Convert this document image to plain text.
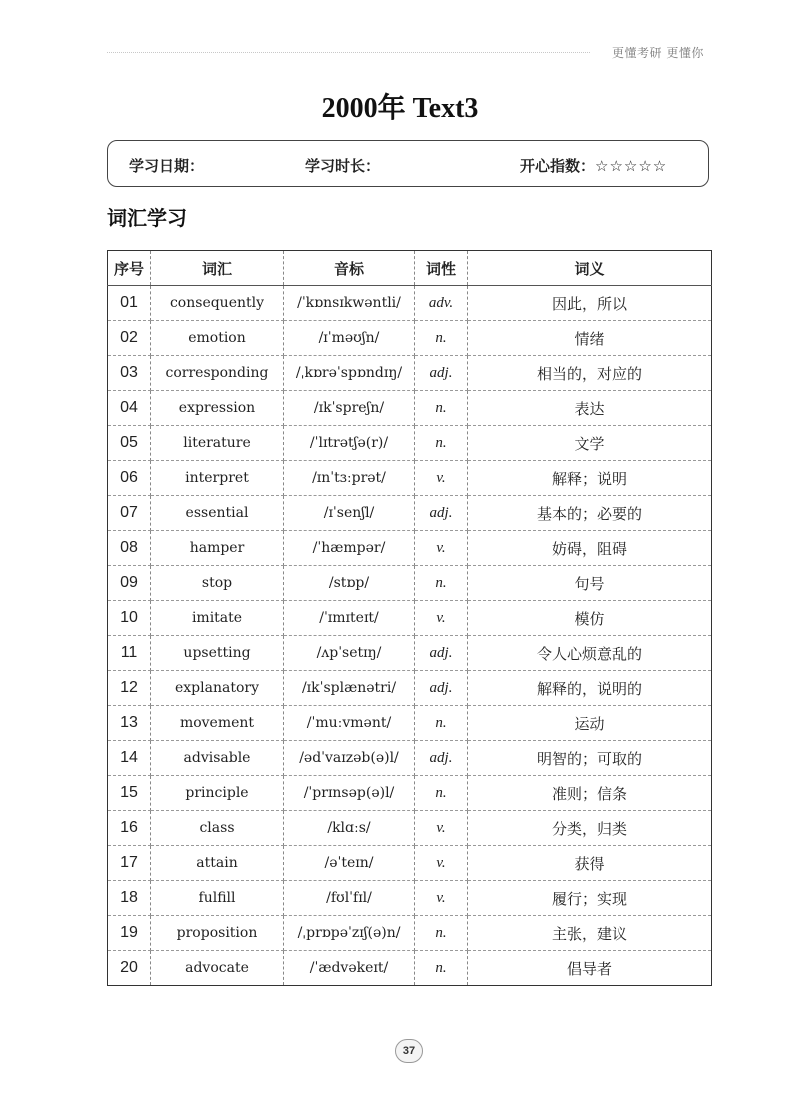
更懂考研 更懂你
2000年 Text3
学习日期：	学习时长：	开心指数：☆☆☆☆☆
词汇学习
序号	词汇	音标	词性	词义
01	consequently	/ˈkɒnsɪkwəntli/	adv.	因此，所以
02	emotion	/ɪˈməʊʃn/	n.	情绪
03	corresponding	/ˌkɒrəˈspɒndɪŋ/	adj.	相当的，对应的
04	expression	/ɪkˈspreʃn/	n.	表达
05	literature	/ˈlɪtrətʃə(r)/	n.	文学
06	interpret	/ɪnˈtɜːprət/	v.	解释；说明
07	essential	/ɪˈsenʃl/	adj.	基本的；必要的
08	hamper	/ˈhæmpər/	v.	妨碍，阻碍
09	stop	/stɒp/	n.	句号
10	imitate	/ˈɪmɪteɪt/	v.	模仿
11	upsetting	/ʌpˈsetɪŋ/	adj.	令人心烦意乱的
12	explanatory	/ɪkˈsplænətri/	adj.	解释的，说明的
13	movement	/ˈmuːvmənt/	n.	运动
14	advisable	/ədˈvaɪzəb(ə)l/	adj.	明智的；可取的
15	principle	/ˈprɪnsəp(ə)l/	n.	准则；信条
16	class	/klɑːs/	v.	分类，归类
17	attain	/əˈteɪn/	v.	获得
18	fulfill	/fʊlˈfɪl/	v.	履行；实现
19	proposition	/ˌprɒpəˈzɪʃ(ə)n/	n.	主张，建议
20	advocate	/ˈædvəkeɪt/	n.	倡导者
37
